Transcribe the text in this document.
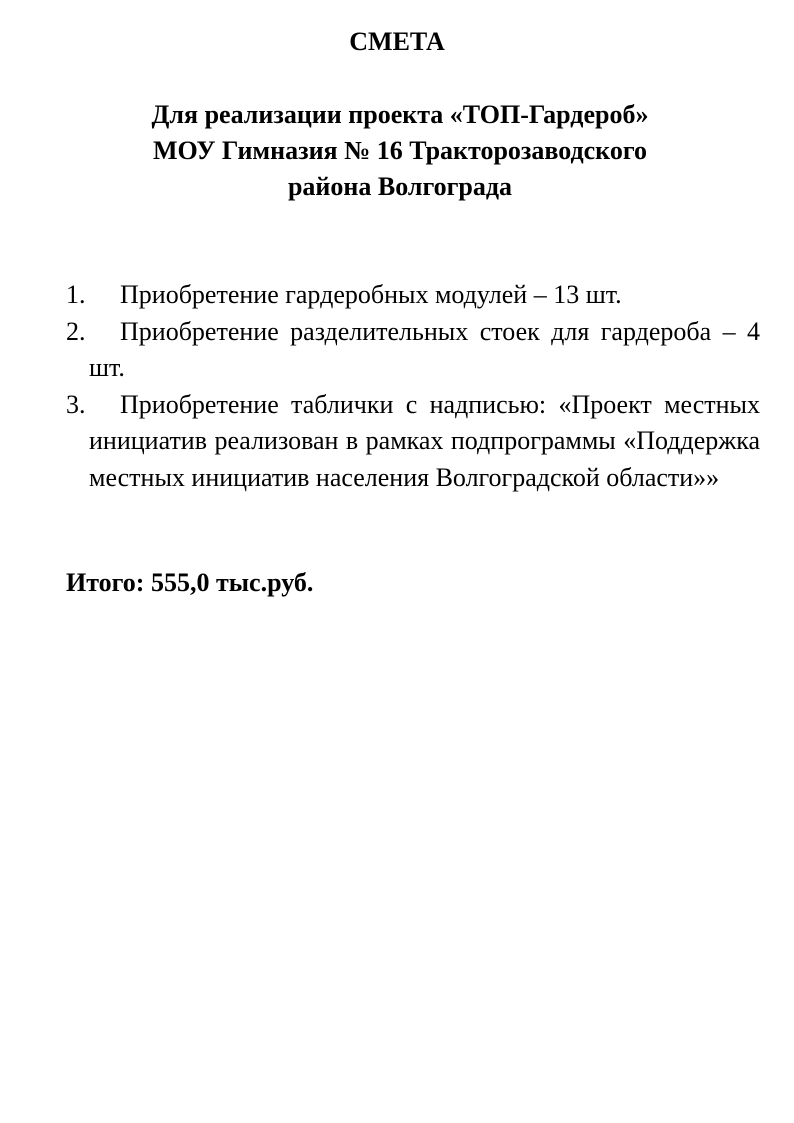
СМЕТА
Для реализации проекта «ТОП-Гардероб»
МОУ Гимназия № 16 Тракторозаводского
района Волгограда
1. Приобретение гардеробных модулей – 13 шт.
2. Приобретение разделительных стоек для гардероба – 4 шт.
3. Приобретение таблички с надписью: «Проект местных инициатив реализован в рамках подпрограммы «Поддержка местных инициатив населения Волгоградской области»»

Итого: 555,0 тыс.руб.
